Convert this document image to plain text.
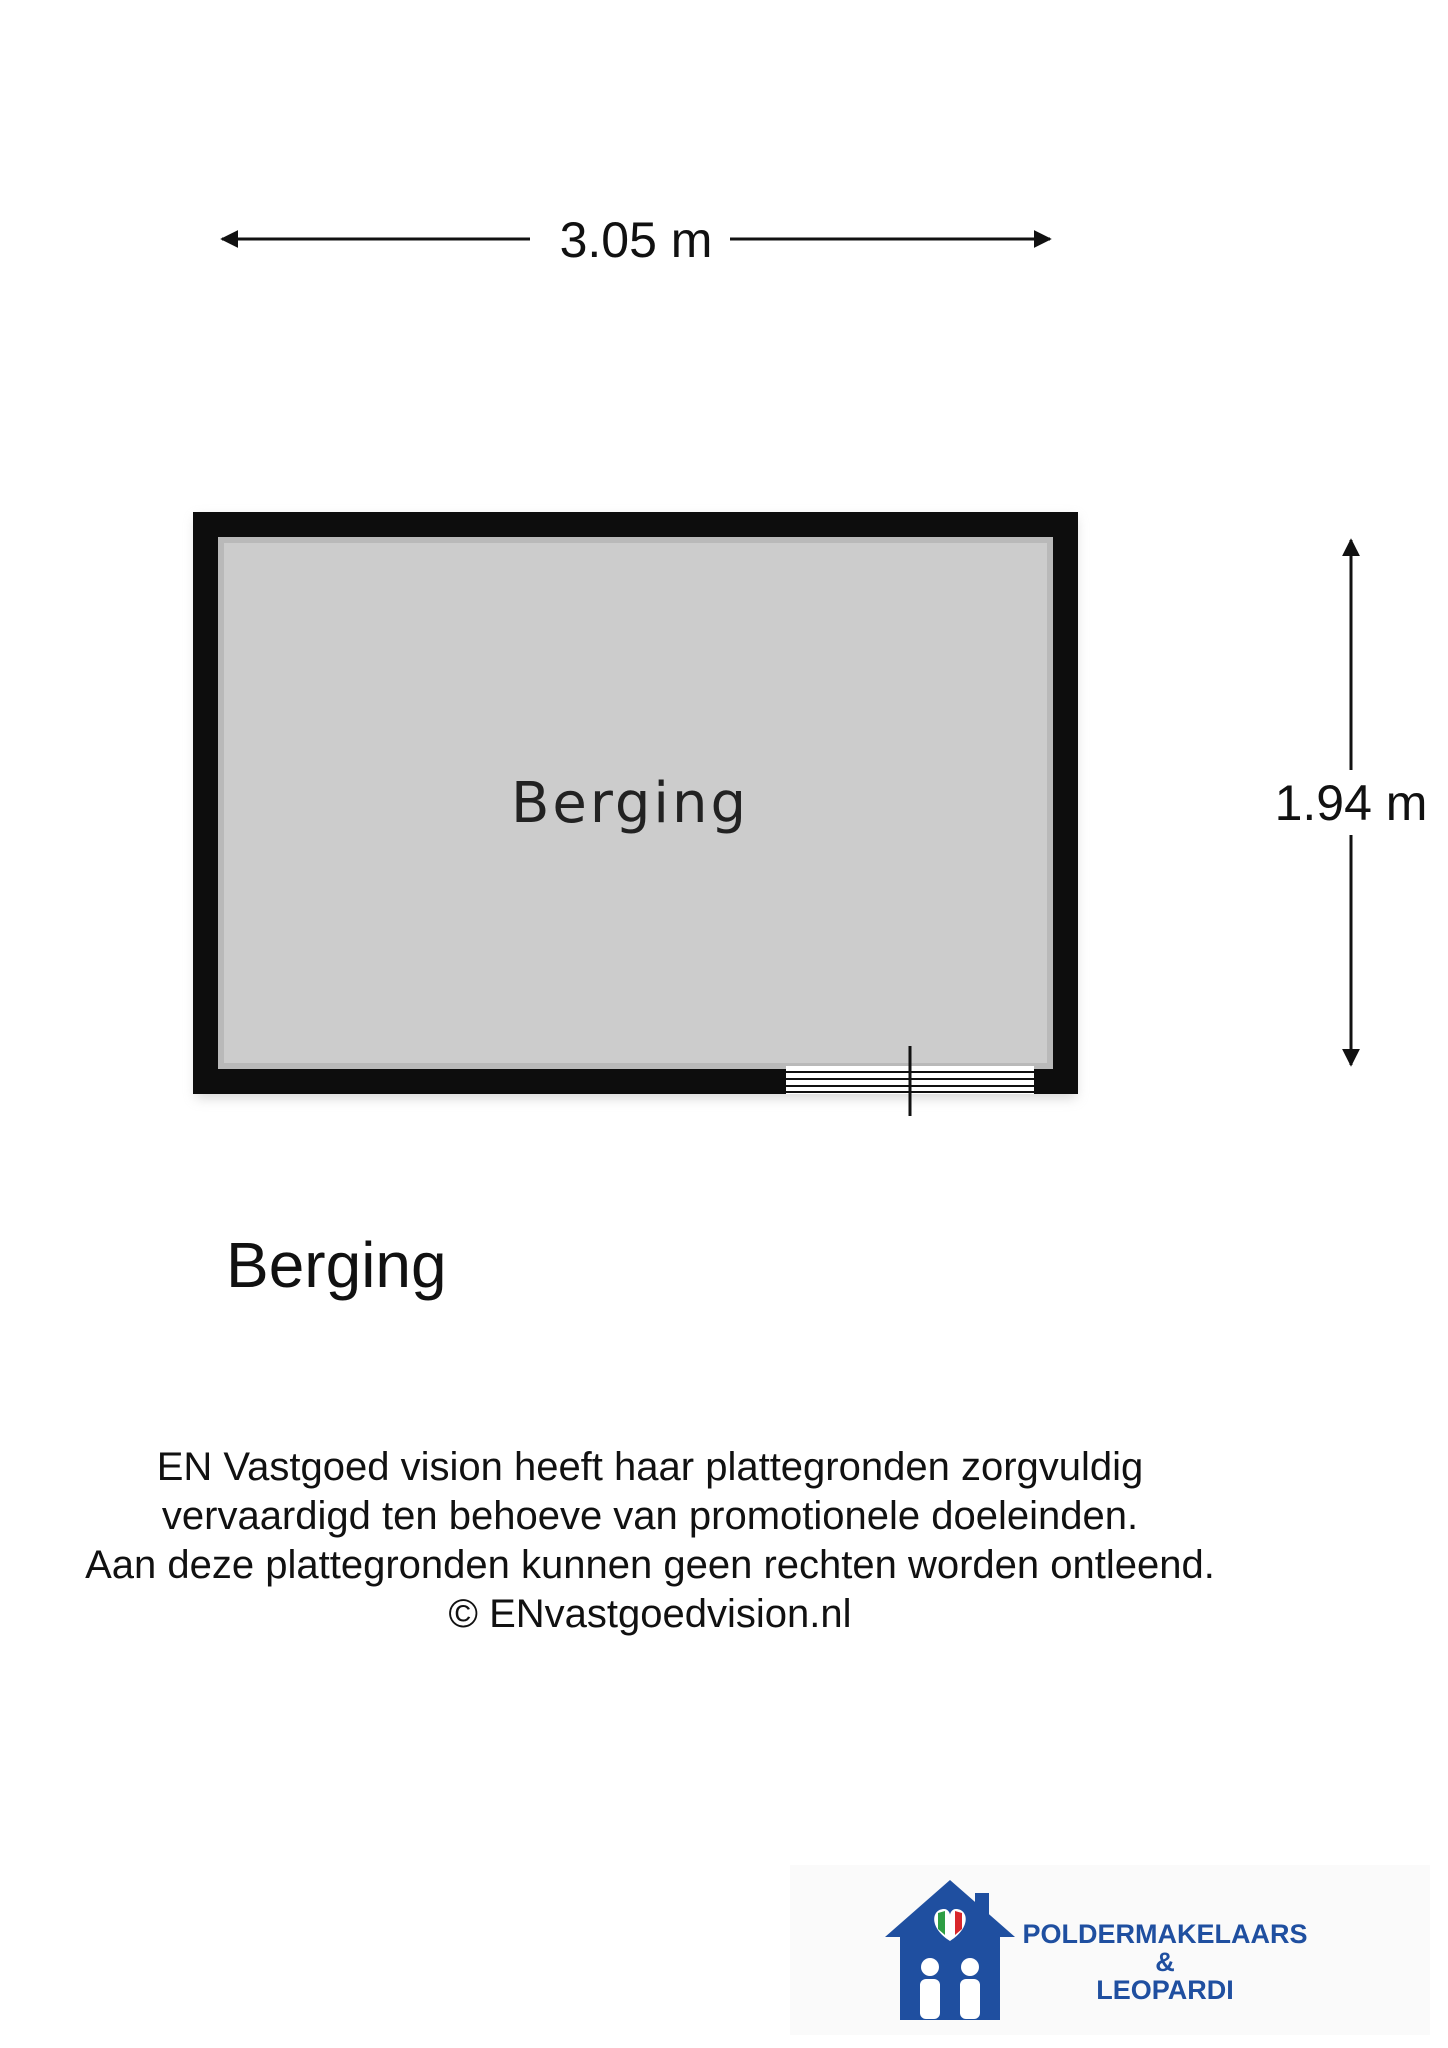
3.05 m
1.94 m
Berging
Berging
EN Vastgoed vision heeft haar plattegronden zorgvuldig
vervaardigd ten behoeve van promotionele doeleinden.
Aan deze plattegronden kunnen geen rechten worden ontleend.
© ENvastgoedvision.nl
POLDERMAKELAARS
&
LEOPARDI
